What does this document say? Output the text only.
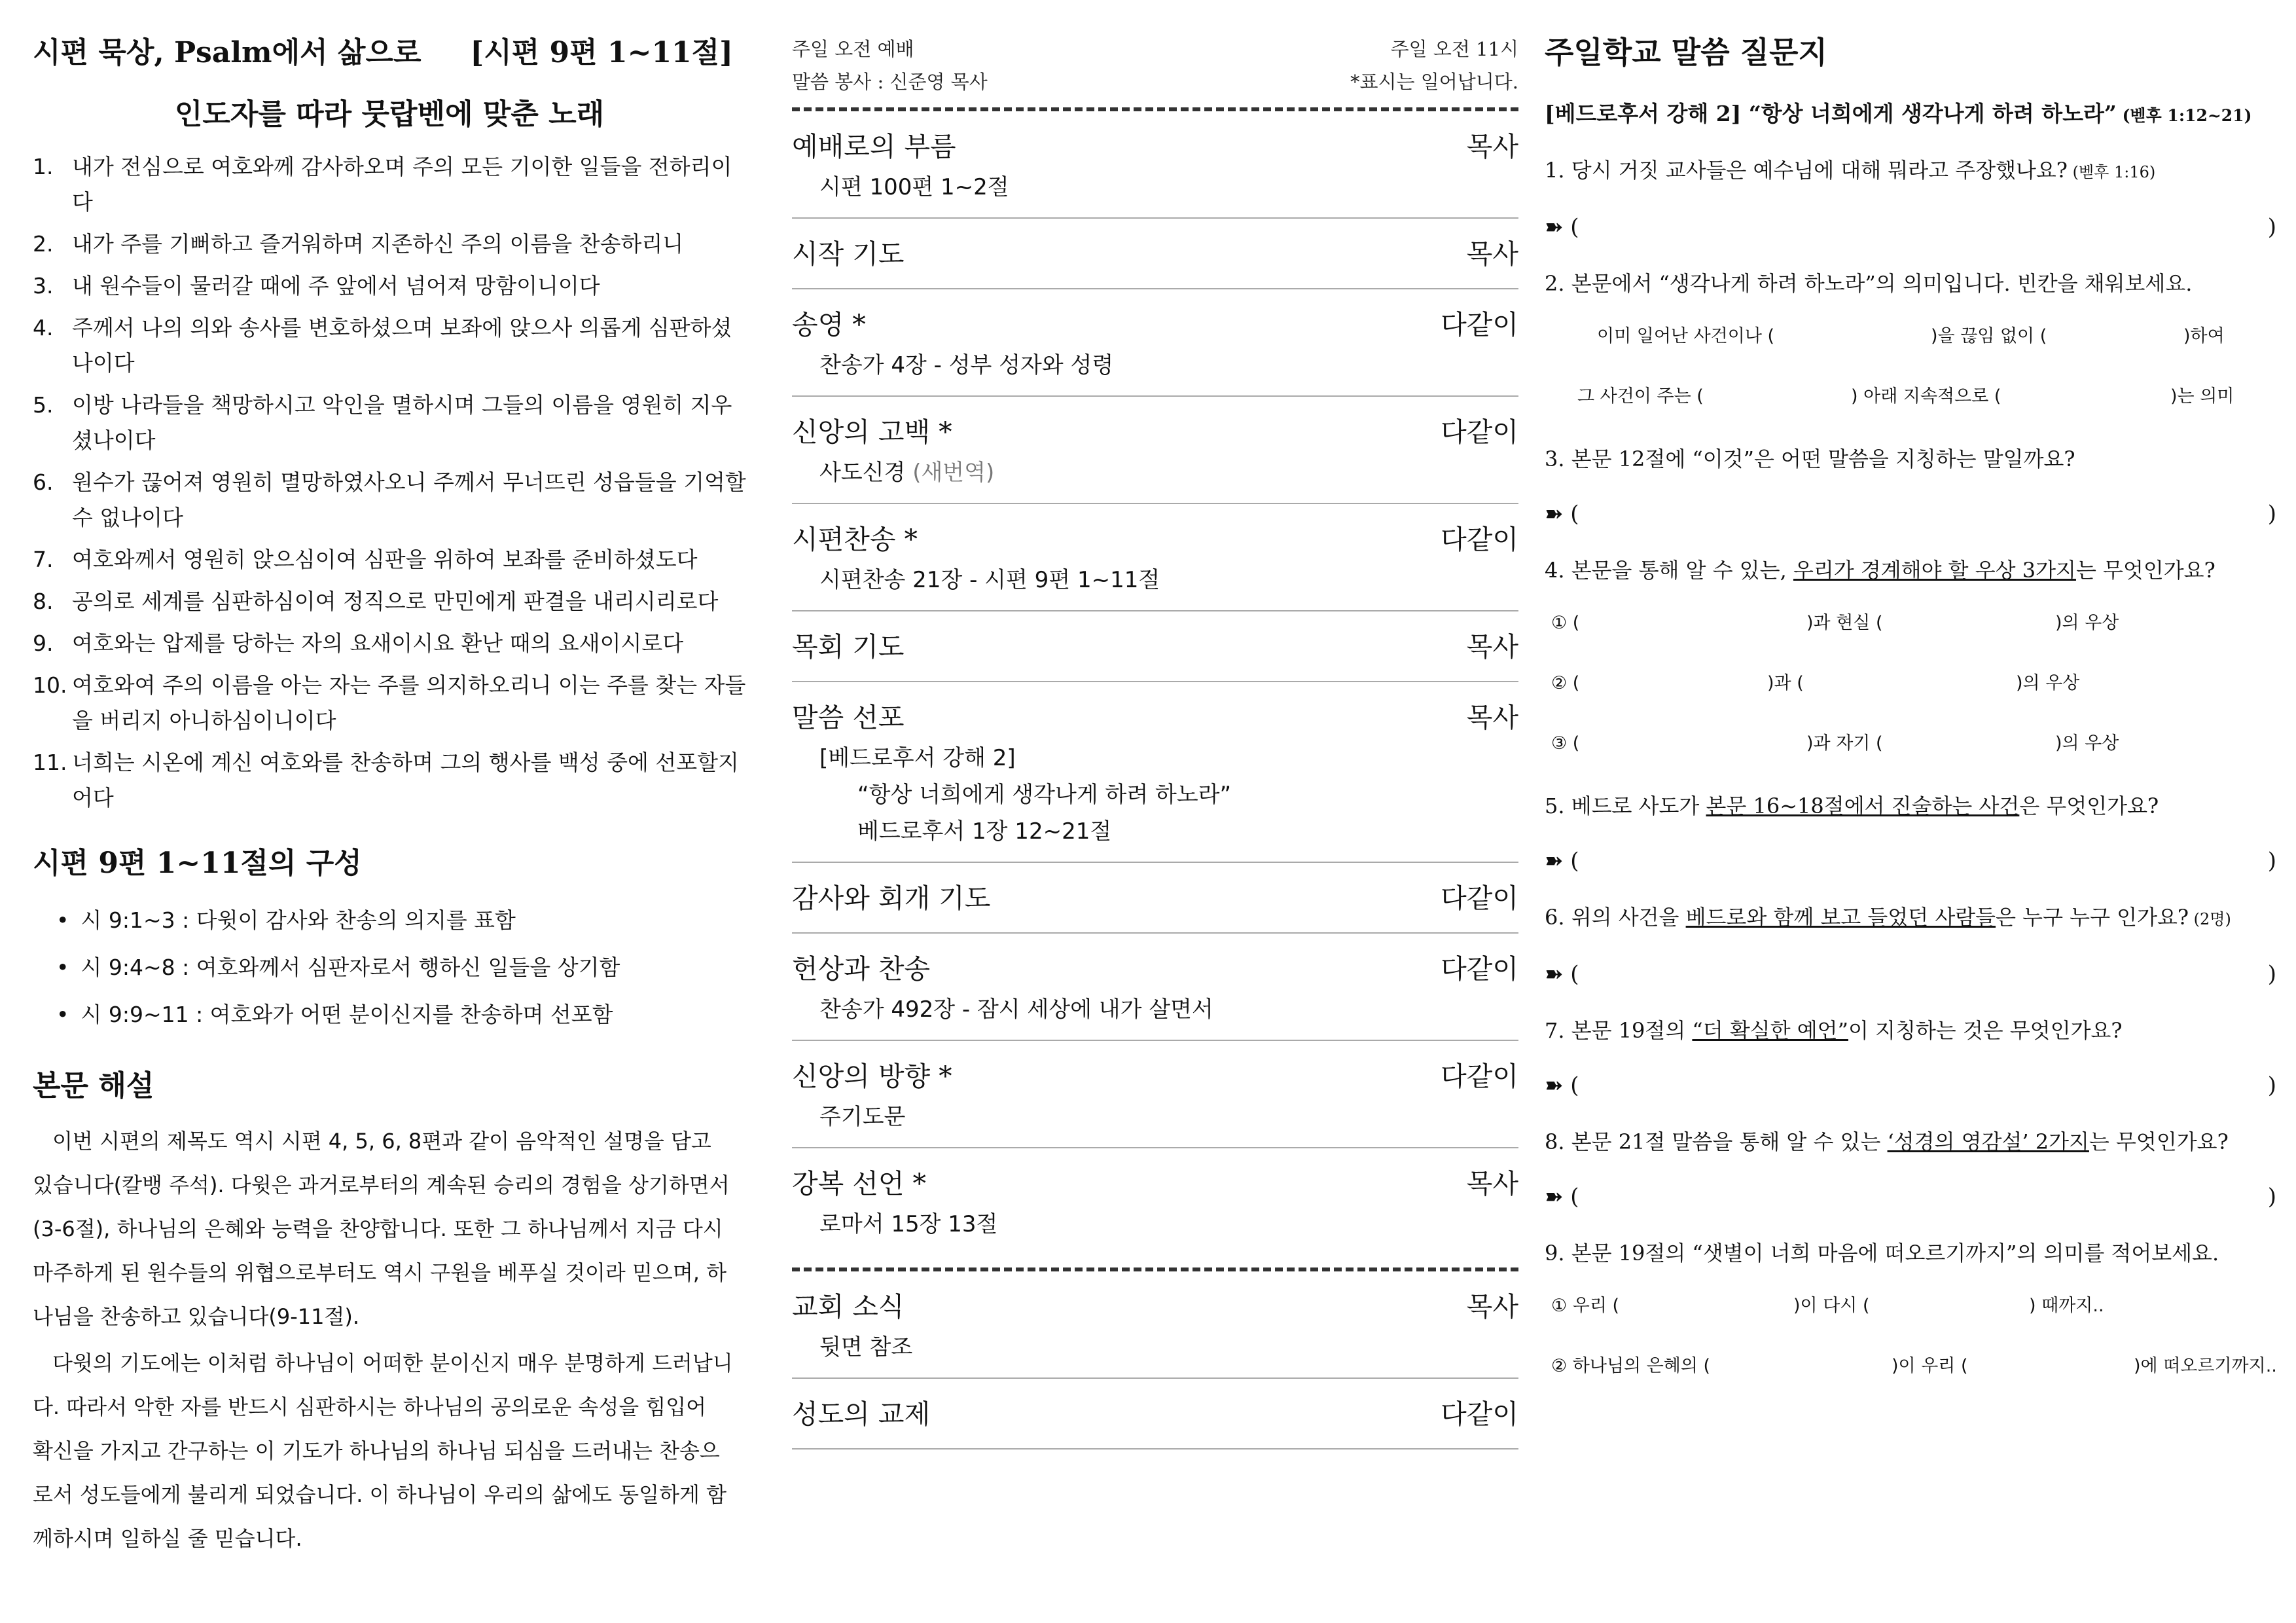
시편 묵상, Psalm에서 삶으로 [시편 9편 1~11절]
인도자를 따라 뭇랍벤에 맞춘 노래
1. 내가 전심으로 여호와께 감사하오며 주의 모든 기이한 일들을 전하리이다
2. 내가 주를 기뻐하고 즐거워하며 지존하신 주의 이름을 찬송하리니
3. 내 원수들이 물러갈 때에 주 앞에서 넘어져 망함이니이다
4. 주께서 나의 의와 송사를 변호하셨으며 보좌에 앉으사 의롭게 심판하셨나이다
5. 이방 나라들을 책망하시고 악인을 멸하시며 그들의 이름을 영원히 지우셨나이다
6. 원수가 끊어져 영원히 멸망하였사오니 주께서 무너뜨린 성읍들을 기억할 수 없나이다
7. 여호와께서 영원히 앉으심이여 심판을 위하여 보좌를 준비하셨도다
8. 공의로 세계를 심판하심이여 정직으로 만민에게 판결을 내리시리로다
9. 여호와는 압제를 당하는 자의 요새이시요 환난 때의 요새이시로다
10. 여호와여 주의 이름을 아는 자는 주를 의지하오리니 이는 주를 찾는 자들을 버리지 아니하심이니이다
11. 너희는 시온에 계신 여호와를 찬송하며 그의 행사를 백성 중에 선포할지어다
시편 9편 1~11절의 구성
• 시 9:1~3 : 다윗이 감사와 찬송의 의지를 표함
• 시 9:4~8 : 여호와께서 심판자로서 행하신 일들을 상기함
• 시 9:9~11 : 여호와가 어떤 분이신지를 찬송하며 선포함
본문 해설

이번 시편의 제목도 역시 시편 4, 5, 6, 8편과 같이 음악적인 설명을 담고 있습니다(칼뱅 주석). 다윗은 과거로부터의 계속된 승리의 경험을 상기하면서(3-6절), 하나님의 은혜와 능력을 찬양합니다. 또한 그 하나님께서 지금 다시 마주하게 된 원수들의 위협으로부터도 역시 구원을 베푸실 것이라 믿으며, 하나님을 찬송하고 있습니다(9-11절).

다윗의 기도에는 이처럼 하나님이 어떠한 분이신지 매우 분명하게 드러납니다. 따라서 악한 자를 반드시 심판하시는 하나님의 공의로운 속성을 힘입어 확신을 가지고 간구하는 이 기도가 하나님의 하나님 되심을 드러내는 찬송으로서 성도들에게 불리게 되었습니다. 이 하나님이 우리의 삶에도 동일하게 함께하시며 일하실 줄 믿습니다.

주일 오전 예배	주일 오전 11시
말씀 봉사 : 신준영 목사	*표시는 일어납니다.
예배로의 부름	목사
시편 100편 1~2절
시작 기도	목사
송영 *	다같이
찬송가 4장 - 성부 성자와 성령
신앙의 고백 *	다같이
사도신경 (새번역)
시편찬송 *	다같이
시편찬송 21장 - 시편 9편 1~11절
목회 기도	목사
말씀 선포	목사
[베드로후서 강해 2]
“항상 너희에게 생각나게 하려 하노라”
베드로후서 1장 12~21절
감사와 회개 기도	다같이
헌상과 찬송	다같이
찬송가 492장 - 잠시 세상에 내가 살면서
신앙의 방향 *	다같이
주기도문
강복 선언 *	목사
로마서 15장 13절
교회 소식	목사
뒷면 참조
성도의 교제	다같이
주일학교 말씀 질문지
[베드로후서 강해 2] “항상 너희에게 생각나게 하려 하노라” (벧후 1:12~21)

1. 당시 거짓 교사들은 예수님에 대해 뭐라고 주장했나요? (벧후 1:16)

➽ (	)

2. 본문에서 “생각나게 하려 하노라”의 의미입니다. 빈칸을 채워보세요.

이미 일어난 사건이나 (	)을 끊임 없이 (	)하여
그 사건이 주는 (	) 아래 지속적으로 (	)는 의미

3. 본문 12절에 “이것”은 어떤 말씀을 지칭하는 말일까요?

➽ (	)

4. 본문을 통해 알 수 있는, 우리가 경계해야 할 우상 3가지는 무엇인가요?

① (	)과 현실 (	)의 우상
② (	)과 (	)의 우상
③ (	)과 자기 (	)의 우상

5. 베드로 사도가 본문 16~18절에서 진술하는 사건은 무엇인가요?

➽ (	)

6. 위의 사건을 베드로와 함께 보고 들었던 사람들은 누구 누구 인가요? (2명)

➽ (	)

7. 본문 19절의 “더 확실한 예언”이 지칭하는 것은 무엇인가요?

➽ (	)

8. 본문 21절 말씀을 통해 알 수 있는 ‘성경의 영감설’ 2가지는 무엇인가요?

➽ (	)

9. 본문 19절의 “샛별이 너희 마음에 떠오르기까지”의 의미를 적어보세요.

① 우리 (	)이 다시 (	) 때까지..
② 하나님의 은혜의 (	)이 우리 (	)에 떠오르기까지..
